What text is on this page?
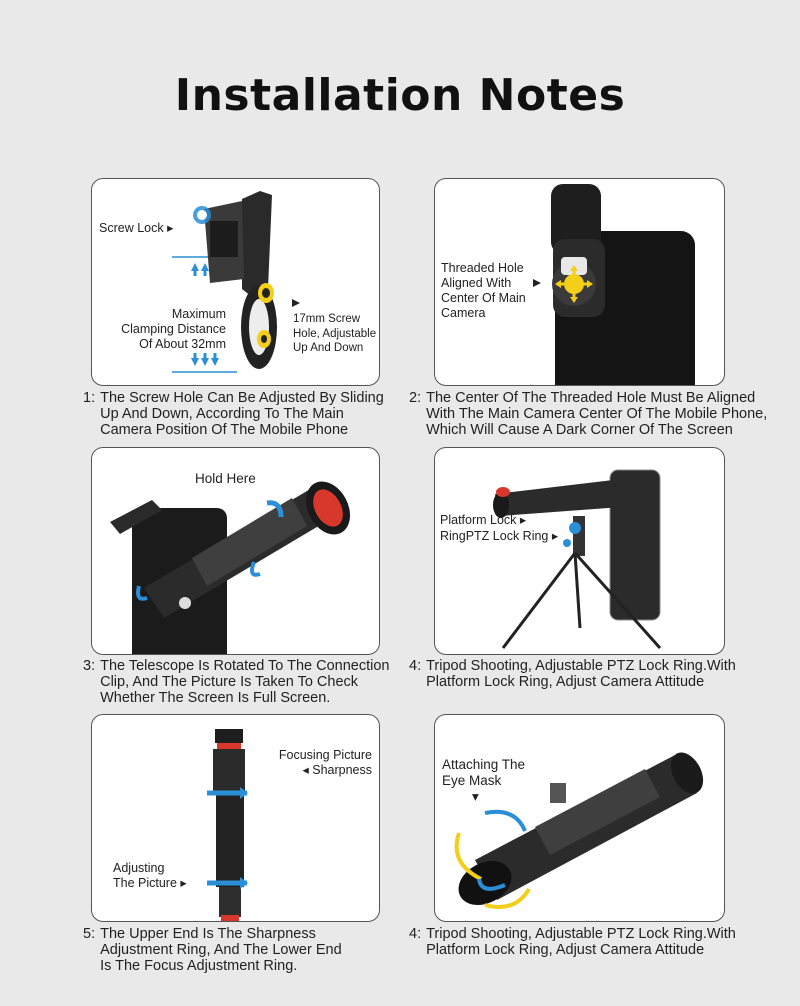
Installation Notes
Screw Lock ▸
Maximum
Clamping Distance
Of About 32mm
17mm Screw
Hole, Adjustable
Up And Down
1: The Screw Hole Can Be Adjusted By Sliding Up And Down, According To The Main Camera Position Of The Mobile Phone
Threaded Hole
Aligned With
Center Of Main
Camera
2: The Center Of The Threaded Hole Must Be Aligned With The Main Camera Center Of The Mobile Phone, Which Will Cause A Dark Corner Of The Screen
Hold Here
3: The Telescope Is Rotated To The Connection Clip, And The Picture Is Taken To Check Whether The Screen Is Full Screen.
Platform Lock ▸
RingPTZ Lock Ring ▸
4: Tripod Shooting, Adjustable PTZ Lock Ring.With Platform Lock Ring, Adjust Camera Attitude
Focusing Picture
◂ Sharpness
Adjusting
The Picture ▸
5: The Upper End Is The Sharpness Adjustment Ring, And The Lower End Is The Focus Adjustment Ring.
Attaching The
Eye Mask
▾
4: Tripod Shooting, Adjustable PTZ Lock Ring.With Platform Lock Ring, Adjust Camera Attitude
